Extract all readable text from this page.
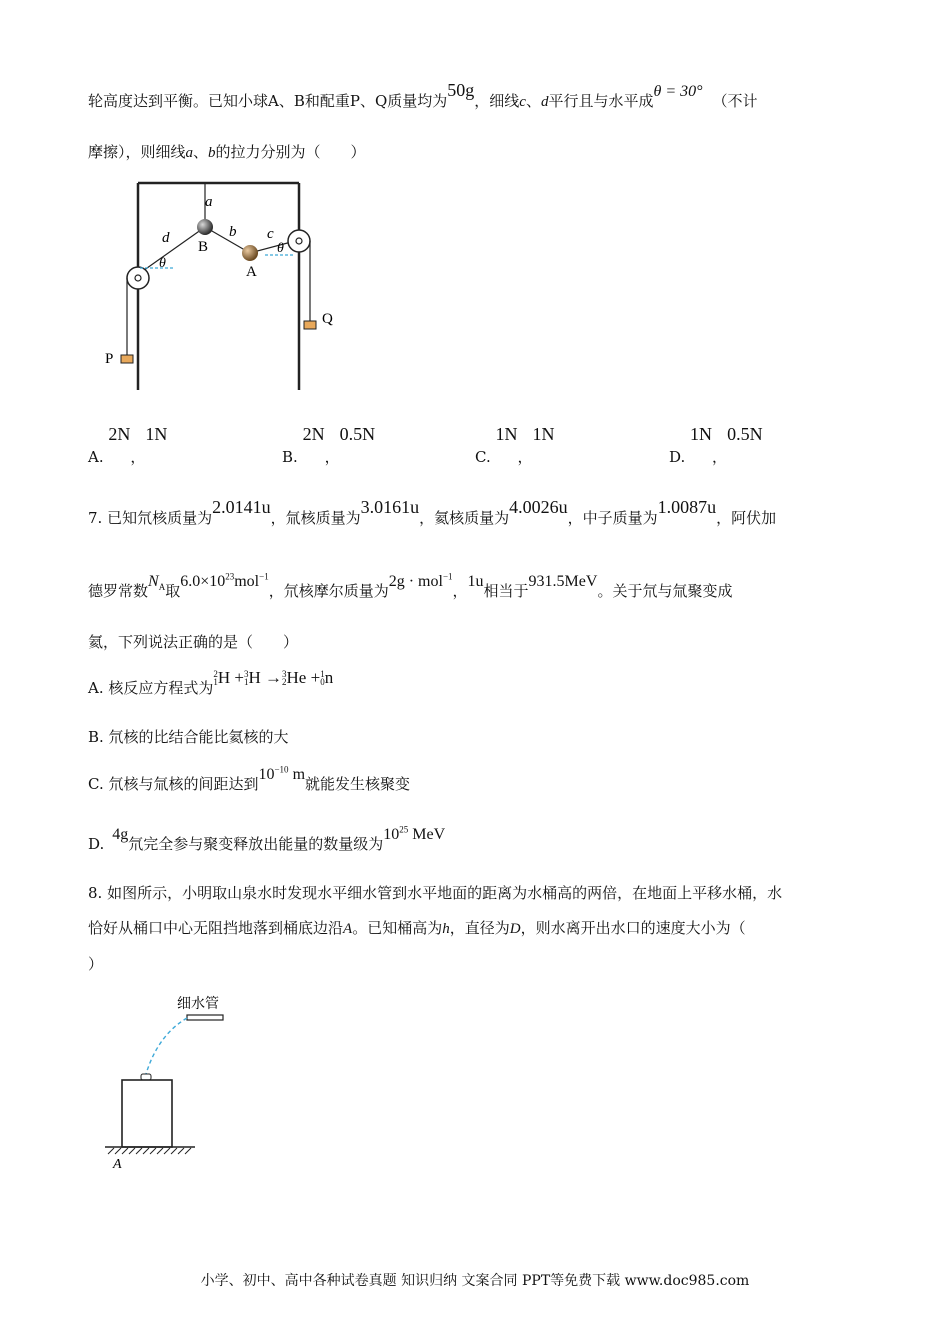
轮高度达到平衡。已知小球A、B和配重P、Q质量均为50g，细线c、d平行且与水平成θ = 30°（不计
摩擦），则细线a、b的拉力分别为（　　）
a
d	b c
B
A
P
Q
θ
θ
A. 2N，1N
B. 2N，0.5N
C. 1N，1N
D. 1N，0.5N
7. 已知氘核质量为2.0141u，氚核质量为3.0161u，氦核质量为4.0026u，中子质量为1.0087u，阿伏加
德罗常数$N_A$取$6.0\times 10^{23}mol^{-1}$，氘核摩尔质量为2g · mol$^{-1}$，1u相当于931.5MeV。关于氘与氚聚变成
氦，下列说法正确的是（　　）
A. 核反应方程式为2
1H +3
1H →3
2He +1
0n
B. 氘核的比结合能比氦核的大
C. 氘核与氚核的间距达到$10^{-10}$ m就能发生核聚变
D.4g氘完全参与聚变释放出能量的数量级为$10^{25}$ MeV
8. 如图所示，小明取山泉水时发现水平细水管到水平地面的距离为水桶高的两倍，在地面上平移水桶，水
恰好从桶口中心无阻挡地落到桶底边沿A。已知桶高为h，直径为D，则水离开出水口的速度大小为（
）
细水管
A
小学、初中、高中各种试卷真题 知识归纳 文案合同 PPT等免费下载 www.doc985.com
